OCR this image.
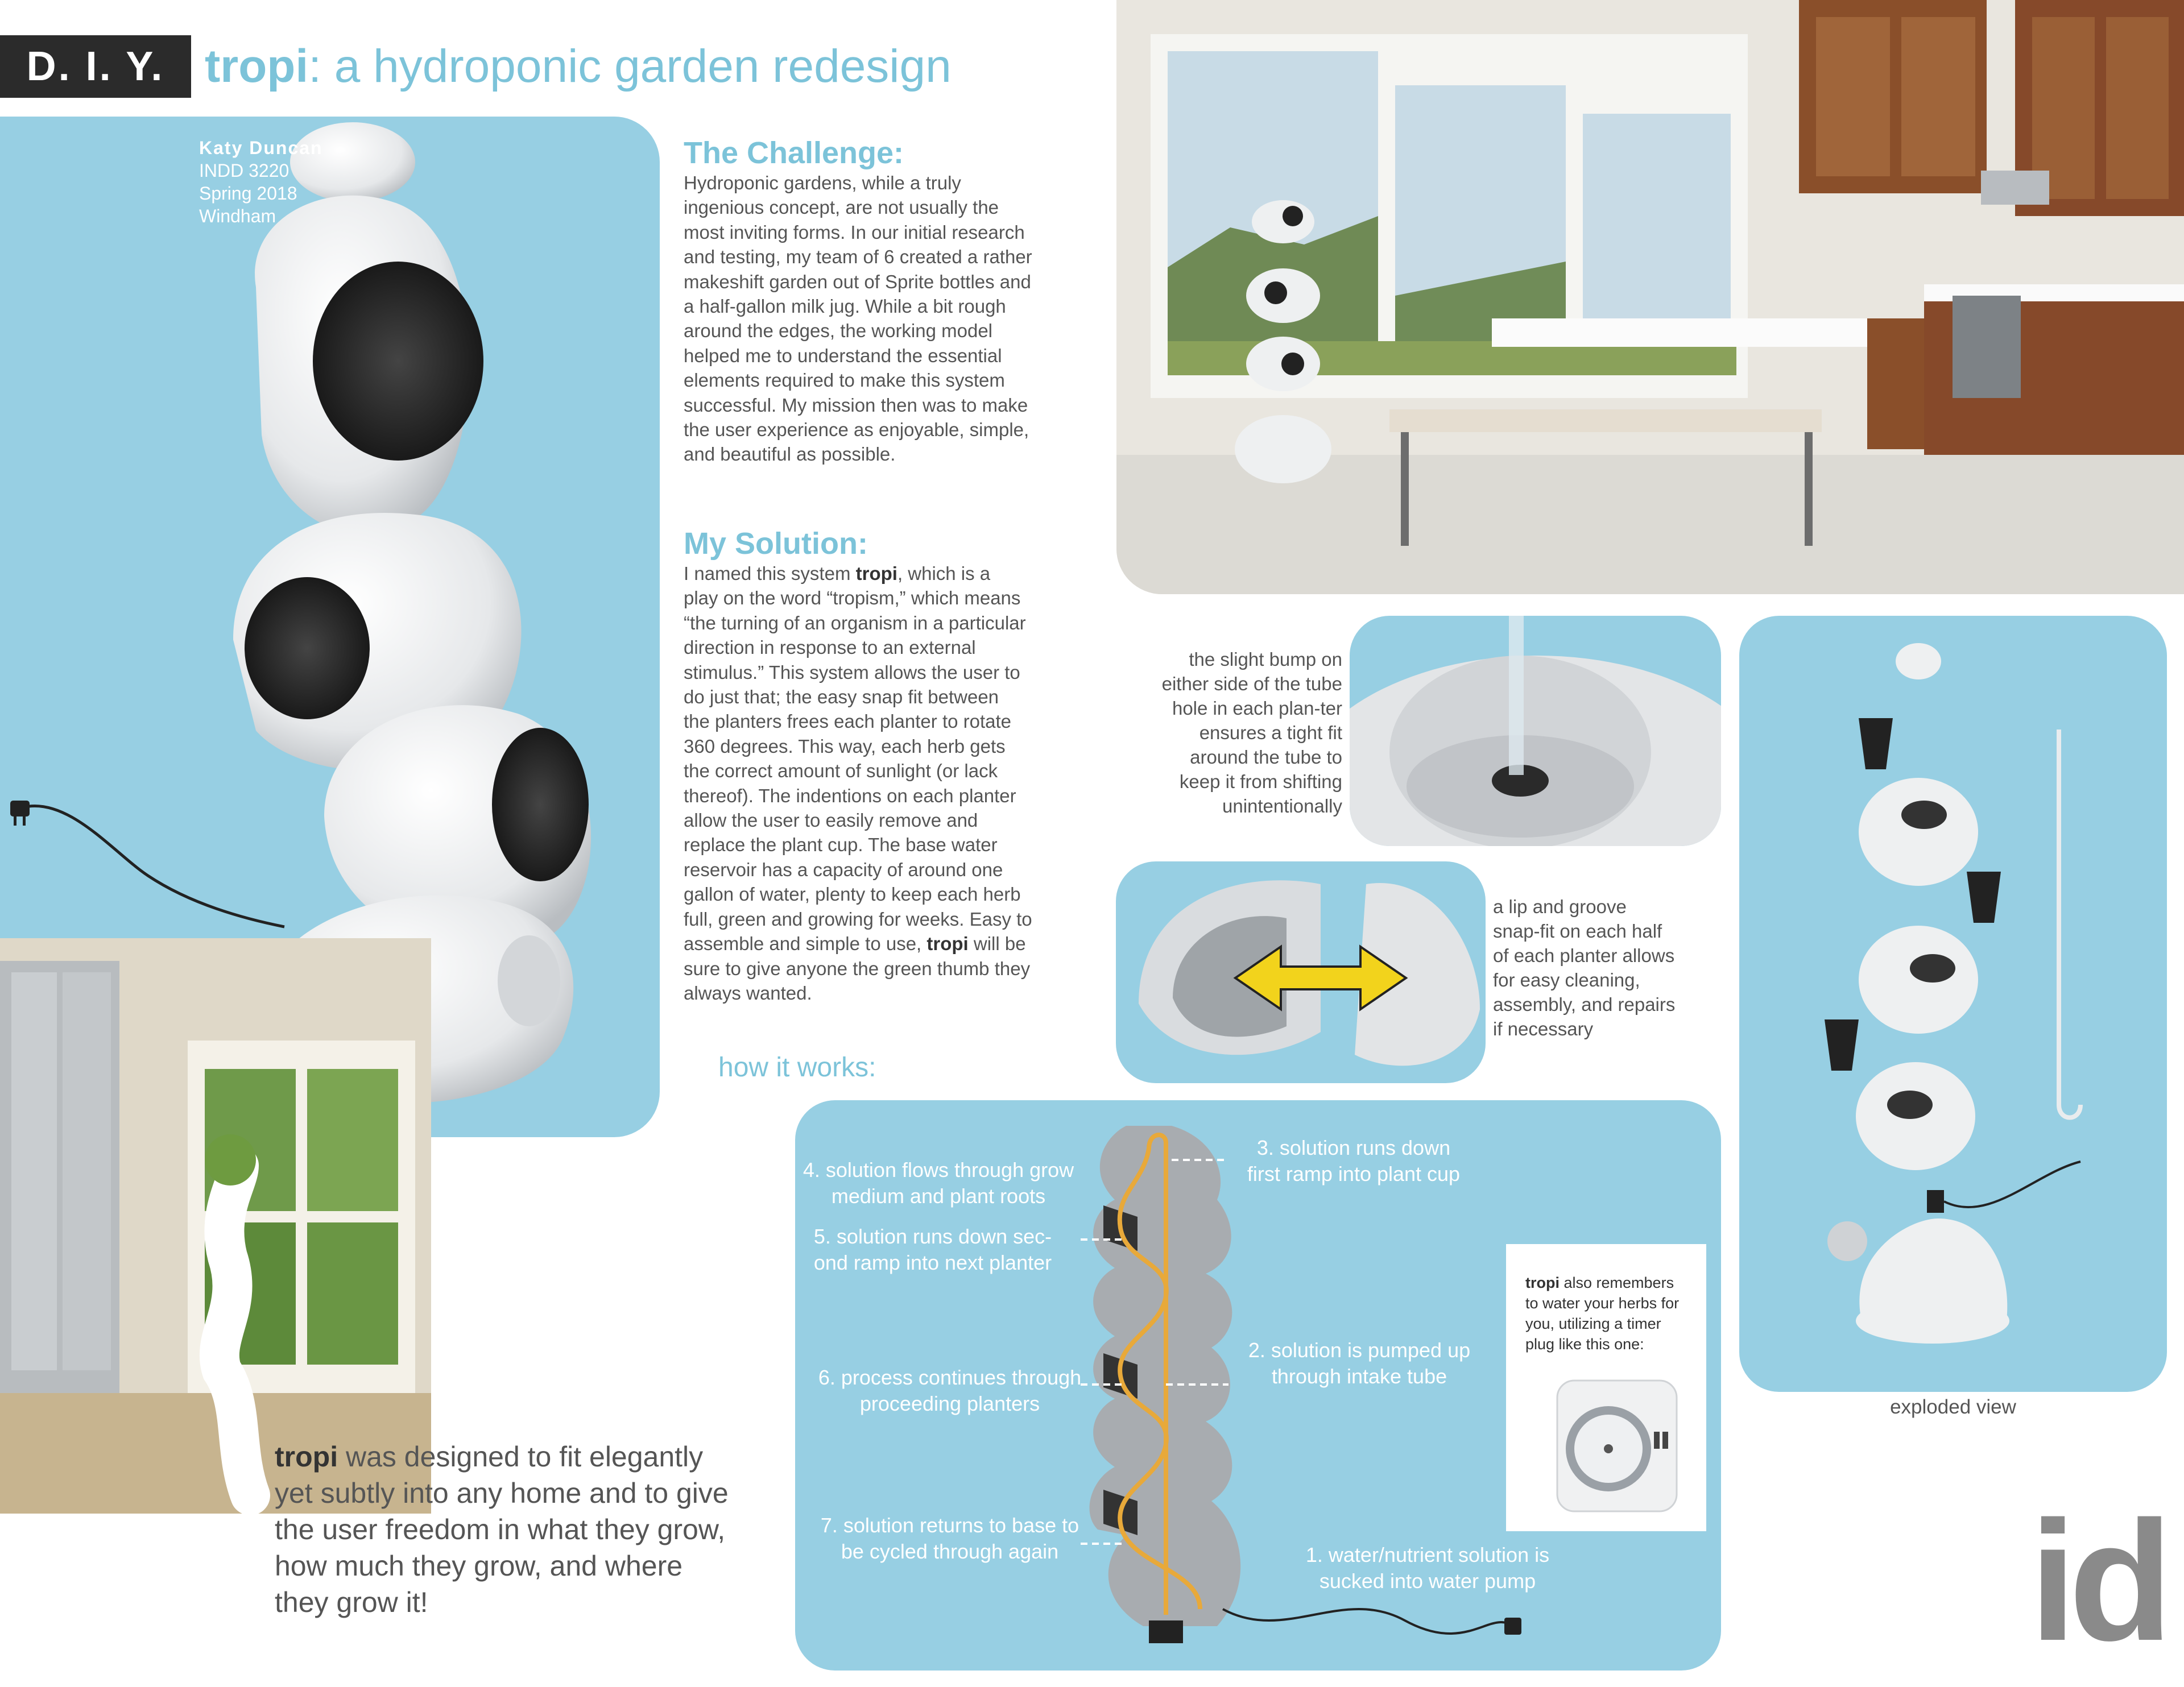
D. I. Y. tropi: a hydroponic garden redesign
Katy Duncan
INDD 3220
Spring 2018
Windham
tropi was designed to fit elegantly
yet subtly into any home and to give
the user freedom in what they grow,
how much they grow, and where
they grow it!
The Challenge:
Hydroponic gardens, while a truly
ingenious concept, are not usually the
most inviting forms. In our initial research
and testing, my team of 6 created a rather
makeshift garden out of Sprite bottles and
a half-gallon milk jug. While a bit rough
around the edges, the working model
helped me to understand the essential
elements required to make this system
successful. My mission then was to make
the user experience as enjoyable, simple,
and beautiful as possible.
My Solution:
I named this system tropi, which is a
play on the word “tropism,” which means
“the turning of an organism in a particular
direction in response to an external
stimulus.” This system allows the user to
do just that; the easy snap fit between
the planters frees each planter to rotate
360 degrees. This way, each herb gets
the correct amount of sunlight (or lack
thereof). The indentions on each planter
allow the user to easily remove and
replace the plant cup. The base water
reservoir has a capacity of around one
gallon of water, plenty to keep each herb
full, green and growing for weeks. Easy to
assemble and simple to use, tropi will be
sure to give anyone the green thumb they
always wanted.
the slight bump on
either side of the tube
hole in each plan-ter
ensures a tight fit
around the tube to
keep it from shifting
unintentionally
a lip and groove
snap-fit on each half
of each planter allows
for easy cleaning,
assembly, and repairs
if necessary
exploded view
how it works:
4. solution flows through grow
medium and plant roots
5. solution runs down sec-
ond ramp into next planter
6. process continues through
proceeding planters
7. solution returns to base to
be cycled through again
3. solution runs down
first ramp into plant cup
2. solution is pumped up
through intake tube
1. water/nutrient solution is
sucked into water pump
tropi also remembers
to water your herbs for
you, utilizing a timer
plug like this one:
id
